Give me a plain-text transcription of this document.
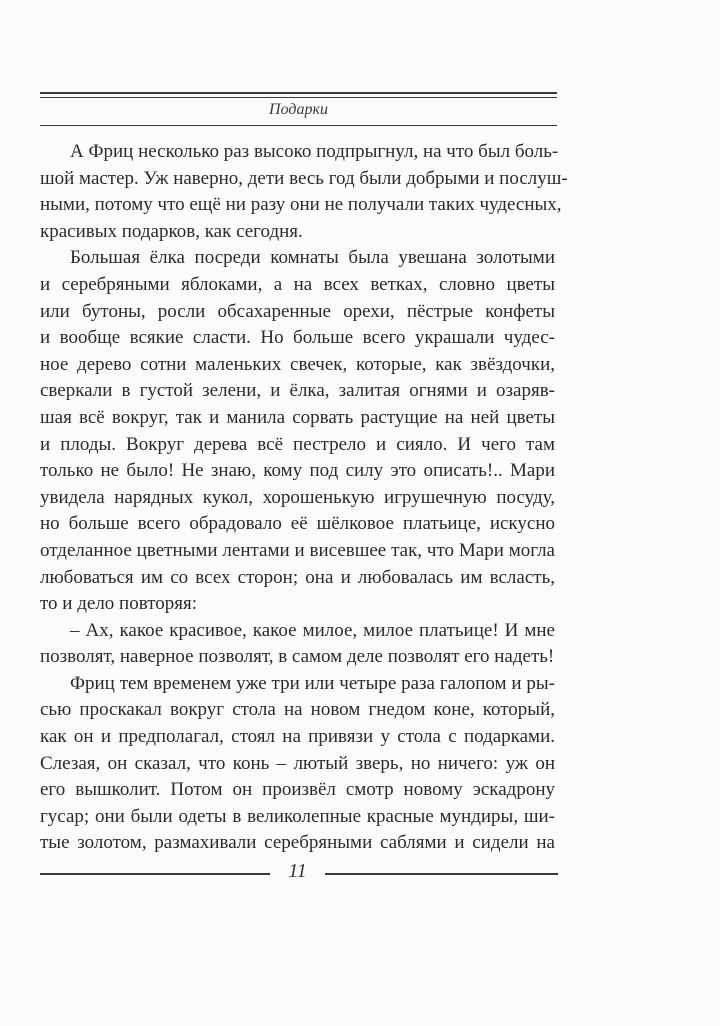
Подарки
А Фриц несколько раз высоко подпрыгнул, на что был боль-
шой мастер. Уж наверно, дети весь год были добрыми и послуш-
ными, потому что ещё ни разу они не получали таких чудесных,
красивых подарков, как сегодня.
Большая ёлка посреди комнаты была увешана золотыми
и серебряными яблоками, а на всех ветках, словно цветы
или бутоны, росли обсахаренные орехи, пёстрые конфеты
и вообще всякие сласти. Но больше всего украшали чудес-
ное дерево сотни маленьких свечек, которые, как звёздочки,
сверкали в густой зелени, и ёлка, залитая огнями и озаряв-
шая всё вокруг, так и манила сорвать растущие на ней цветы
и плоды. Вокруг дерева всё пестрело и сияло. И чего там
только не было! Не знаю, кому под силу это описать!.. Мари
увидела нарядных кукол, хорошенькую игрушечную посуду,
но больше всего обрадовало её шёлковое платьице, искусно
отделанное цветными лентами и висевшее так, что Мари могла
любоваться им со всех сторон; она и любовалась им всласть,
то и дело повторяя:
– Ах, какое красивое, какое милое, милое платьице! И мне
позволят, наверное позволят, в самом деле позволят его надеть!
Фриц тем временем уже три или четыре раза галопом и ры-
сью проскакал вокруг стола на новом гнедом коне, который,
как он и предполагал, стоял на привязи у стола с подарками.
Слезая, он сказал, что конь – лютый зверь, но ничего: уж он
его вышколит. Потом он произвёл смотр новому эскадрону
гусар; они были одеты в великолепные красные мундиры, ши-
тые золотом, размахивали серебряными саблями и сидели на
11
